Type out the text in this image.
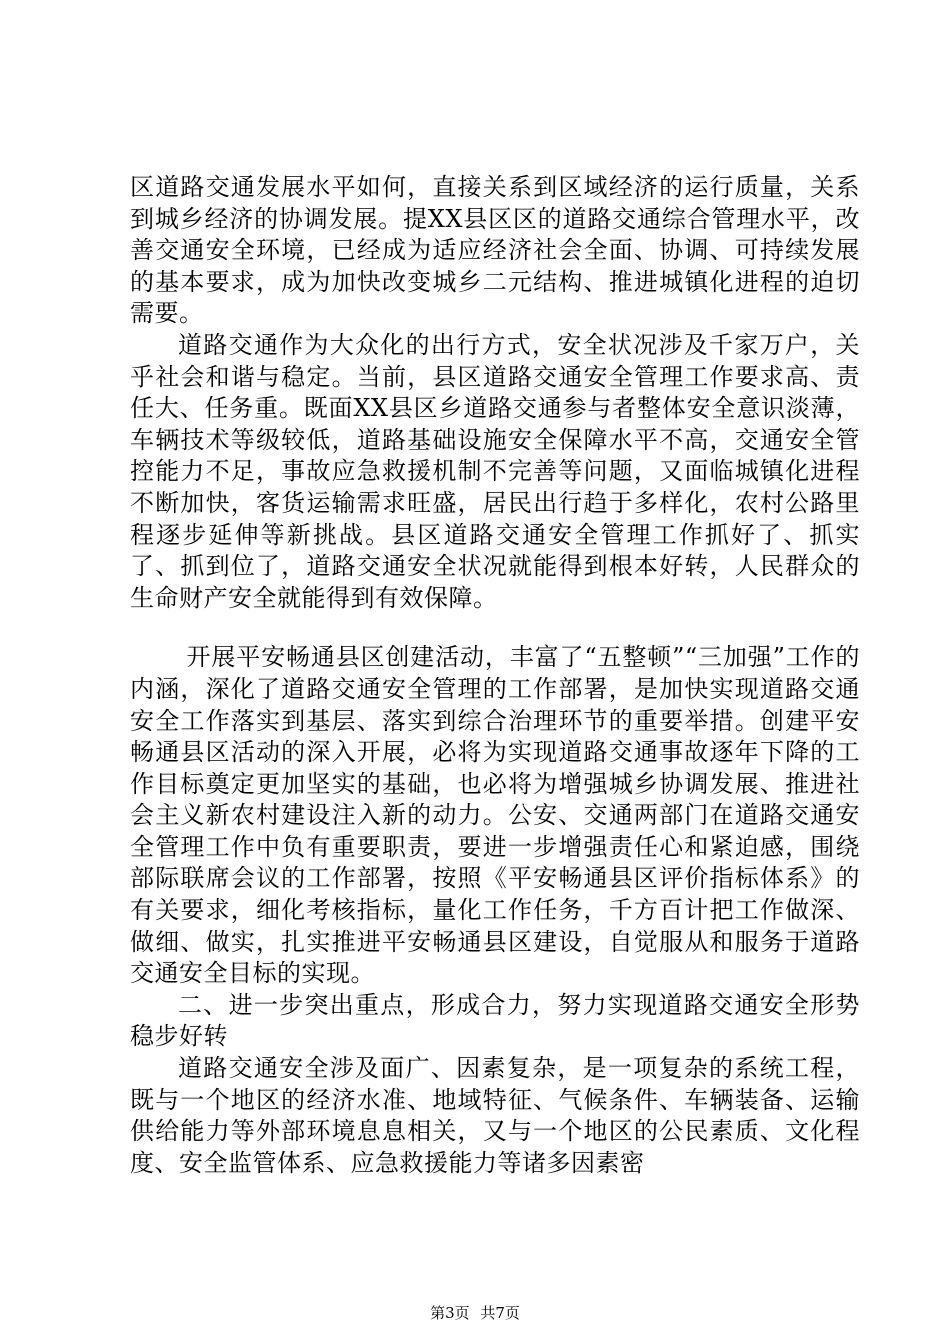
区道路交通发展水平如何，直接关系到区域经济的运行质量，关系到城乡经济的协调发展。提XX县区区的道路交通综合管理水平，改善交通安全环境，已经成为适应经济社会全面、协调、可持续发展的基本要求，成为加快改变城乡二元结构、推进城镇化进程的迫切需要。

道路交通作为大众化的出行方式，安全状况涉及千家万户，关乎社会和谐与稳定。当前，县区道路交通安全管理工作要求高、责任大、任务重。既面XX县区乡道路交通参与者整体安全意识淡薄，车辆技术等级较低，道路基础设施安全保障水平不高，交通安全管控能力不足，事故应急救援机制不完善等问题，又面临城镇化进程不断加快，客货运输需求旺盛，居民出行趋于多样化，农村公路里程逐步延伸等新挑战。县区道路交通安全管理工作抓好了、抓实了、抓到位了，道路交通安全状况就能得到根本好转，人民群众的生命财产安全就能得到有效保障。

开展平安畅通县区创建活动，丰富了“五整顿”“三加强”工作的内涵，深化了道路交通安全管理的工作部署，是加快实现道路交通安全工作落实到基层、落实到综合治理环节的重要举措。创建平安畅通县区活动的深入开展，必将为实现道路交通事故逐年下降的工作目标奠定更加坚实的基础，也必将为增强城乡协调发展、推进社会主义新农村建设注入新的动力。公安、交通两部门在道路交通安全管理工作中负有重要职责，要进一步增强责任心和紧迫感，围绕部际联席会议的工作部署，按照《平安畅通县区评价指标体系》的有关要求，细化考核指标，量化工作任务，千方百计把工作做深、做细、做实，扎实推进平安畅通县区建设，自觉服从和服务于道路交通安全目标的实现。

二、进一步突出重点，形成合力，努力实现道路交通安全形势稳步好转

道路交通安全涉及面广、因素复杂，是一项复杂的系统工程，既与一个地区的经济水准、地域特征、气候条件、车辆装备、运输供给能力等外部环境息息相关，又与一个地区的公民素质、文化程度、安全监管体系、应急救援能力等诸多因素密

第3页 共7页
